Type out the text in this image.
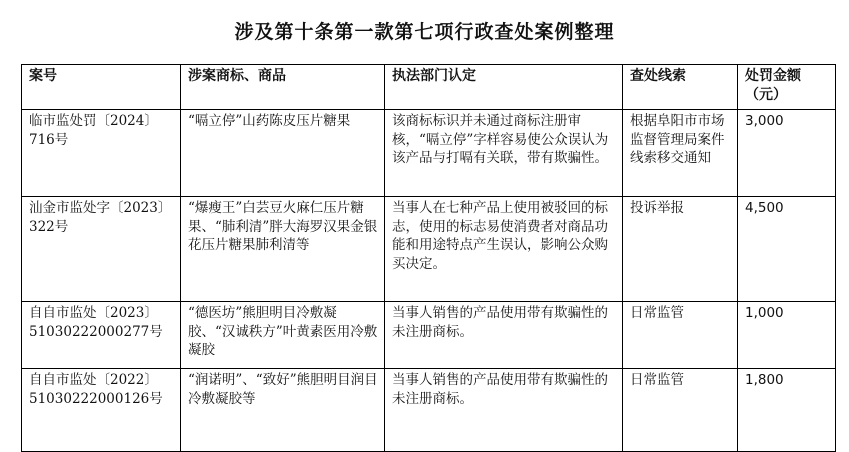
涉及第十条第一款第七项行政查处案例整理
案号	涉案商标、商品	执法部门认定	查处线索	处罚金额（元）
临市监处罚〔2024〕716号	“嗝立停”山药陈皮压片糖果	该商标标识并未通过商标注册审核，“嗝立停”字样容易使公众误认为该产品与打嗝有关联，带有欺骗性。	根据阜阳市市场监督管理局案件线索移交通知	3,000
汕金市监处字〔2023〕322号	“爆瘦王”白芸豆火麻仁压片糖果、“肺利清”胖大海罗汉果金银花压片糖果肺利清等	当事人在七种产品上使用被驳回的标志，使用的标志易使消费者对商品功能和用途特点产生误认，影响公众购买决定。	投诉举报	4,500
自自市监处〔2023〕51030222000277号	“德医坊”熊胆明目冷敷凝胶、“汉诚秩方”叶黄素医用冷敷凝胶	当事人销售的产品使用带有欺骗性的未注册商标。	日常监管	1,000
自自市监处〔2022〕51030222000126号	“润诺明”、“致好”熊胆明目润目冷敷凝胶等	当事人销售的产品使用带有欺骗性的未注册商标。	日常监管	1,800
